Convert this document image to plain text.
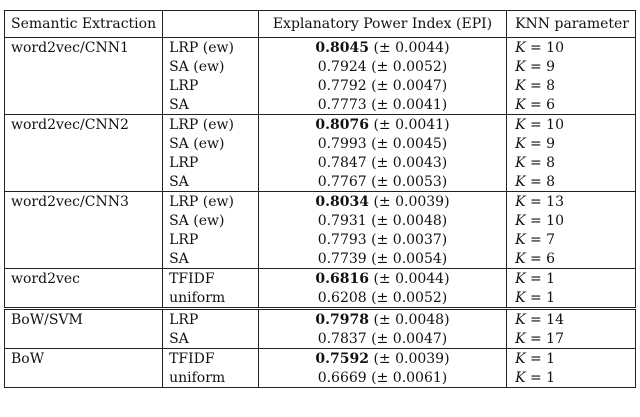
Semantic Extraction		Explanatory Power Index (EPI)	KNN parameter
word2vec/CNN1	LRP (ew)	0.8045 (± 0.0044)	K = 10
	SA (ew)	0.7924 (± 0.0052)	K = 9
	LRP	0.7792 (± 0.0047)	K = 8
	SA	0.7773 (± 0.0041)	K = 6
word2vec/CNN2	LRP (ew)	0.8076 (± 0.0041)	K = 10
	SA (ew)	0.7993 (± 0.0045)	K = 9
	LRP	0.7847 (± 0.0043)	K = 8
	SA	0.7767 (± 0.0053)	K = 8
word2vec/CNN3	LRP (ew)	0.8034 (± 0.0039)	K = 13
	SA (ew)	0.7931 (± 0.0048)	K = 10
	LRP	0.7793 (± 0.0037)	K = 7
	SA	0.7739 (± 0.0054)	K = 6
word2vec	TFIDF	0.6816 (± 0.0044)	K = 1
	uniform	0.6208 (± 0.0052)	K = 1
BoW/SVM	LRP	0.7978 (± 0.0048)	K = 14
	SA	0.7837 (± 0.0047)	K = 17
BoW	TFIDF	0.7592 (± 0.0039)	K = 1
	uniform	0.6669 (± 0.0061)	K = 1
